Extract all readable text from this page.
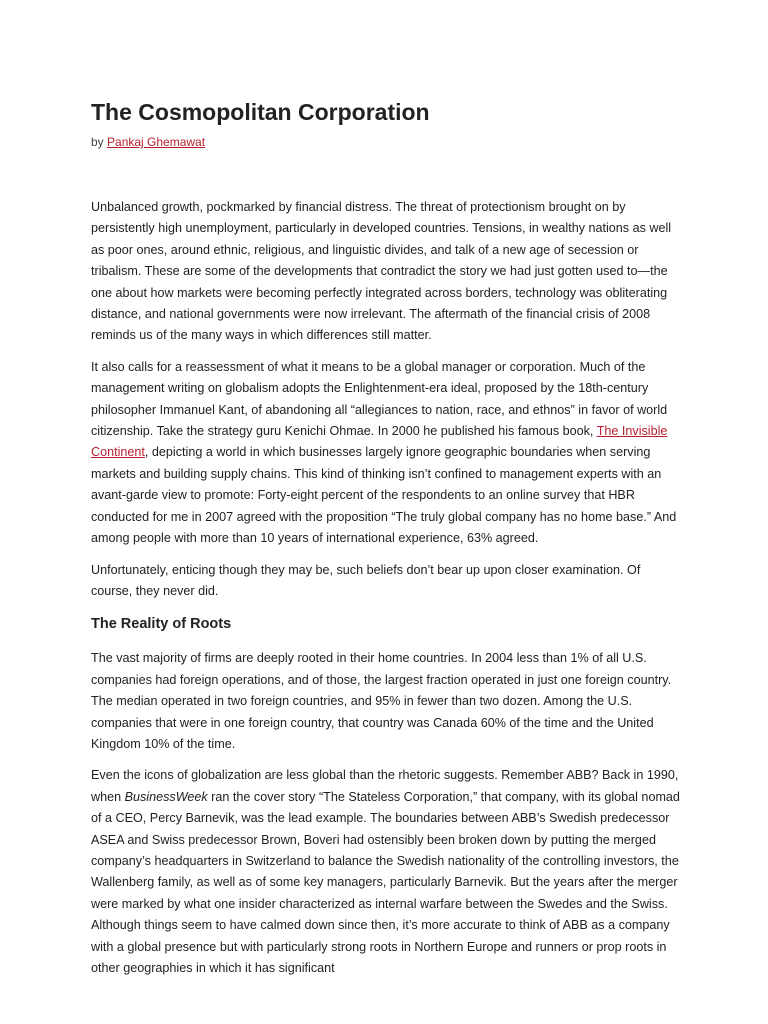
The Cosmopolitan Corporation
by Pankaj Ghemawat

Unbalanced growth, pockmarked by financial distress. The threat of protectionism brought on by persistently high unemployment, particularly in developed countries. Tensions, in wealthy nations as well as poor ones, around ethnic, religious, and linguistic divides, and talk of a new age of secession or tribalism. These are some of the developments that contradict the story we had just gotten used to—the one about how markets were becoming perfectly integrated across borders, technology was obliterating distance, and national governments were now irrelevant. The aftermath of the financial crisis of 2008 reminds us of the many ways in which differences still matter.

It also calls for a reassessment of what it means to be a global manager or corporation. Much of the management writing on globalism adopts the Enlightenment-era ideal, proposed by the 18th-century philosopher Immanuel Kant, of abandoning all “allegiances to nation, race, and ethnos” in favor of world citizenship. Take the strategy guru Kenichi Ohmae. In 2000 he published his famous book, The Invisible Continent, depicting a world in which businesses largely ignore geographic boundaries when serving markets and building supply chains. This kind of thinking isn’t confined to management experts with an avant-garde view to promote: Forty-eight percent of the respondents to an online survey that HBR conducted for me in 2007 agreed with the proposition “The truly global company has no home base.” And among people with more than 10 years of international experience, 63% agreed.

Unfortunately, enticing though they may be, such beliefs don’t bear up upon closer examination. Of course, they never did.

The Reality of Roots

The vast majority of firms are deeply rooted in their home countries. In 2004 less than 1% of all U.S. companies had foreign operations, and of those, the largest fraction operated in just one foreign country. The median operated in two foreign countries, and 95% in fewer than two dozen. Among the U.S. companies that were in one foreign country, that country was Canada 60% of the time and the United Kingdom 10% of the time.

Even the icons of globalization are less global than the rhetoric suggests. Remember ABB? Back in 1990, when BusinessWeek ran the cover story “The Stateless Corporation,” that company, with its global nomad of a CEO, Percy Barnevik, was the lead example. The boundaries between ABB’s Swedish predecessor ASEA and Swiss predecessor Brown, Boveri had ostensibly been broken down by putting the merged company’s headquarters in Switzerland to balance the Swedish nationality of the controlling investors, the Wallenberg family, as well as of some key managers, particularly Barnevik. But the years after the merger were marked by what one insider characterized as internal warfare between the Swedes and the Swiss. Although things seem to have calmed down since then, it’s more accurate to think of ABB as a company with a global presence but with particularly strong roots in Northern Europe and runners or prop roots in other geographies in which it has significant
